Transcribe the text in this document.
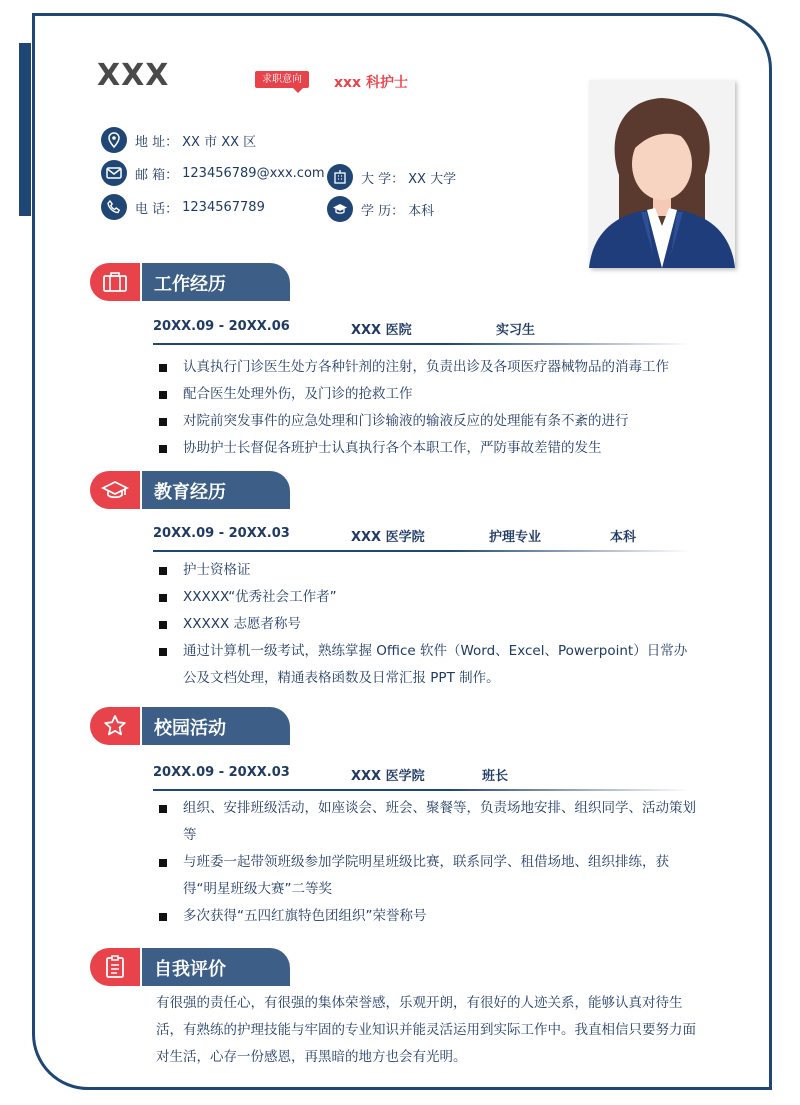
XXX	求职意向	xxx 科护士
地 址： XX 市 XX 区
邮 箱： 123456789@xxx.com
电 话： 1234567789
大 学： XX 大学
学 历： 本科
工作经历
20XX.09 - 20XX.06	XXX 医院	实习生
认真执行门诊医生处方各种针剂的注射，负责出诊及各项医疗器械物品的消毒工作
配合医生处理外伤，及门诊的抢救工作
对院前突发事件的应急处理和门诊输液的输液反应的处理能有条不紊的进行
协助护士长督促各班护士认真执行各个本职工作，严防事故差错的发生
教育经历
20XX.09 - 20XX.03	XXX 医学院	护理专业	本科
护士资格证
XXXXX“优秀社会工作者”
XXXXX 志愿者称号
通过计算机一级考试，熟练掌握 Office 软件（Word、Excel、Powerpoint）日常办公及文档处理，精通表格函数及日常汇报 PPT 制作。
校园活动
20XX.09 - 20XX.03	XXX 医学院	班长
组织、安排班级活动，如座谈会、班会、聚餐等，负责场地安排、组织同学、活动策划等
与班委一起带领班级参加学院明星班级比赛，联系同学、租借场地、组织排练，获得“明星班级大赛”二等奖
多次获得“五四红旗特色团组织”荣誉称号
自我评价
有很强的责任心，有很强的集体荣誉感，乐观开朗，有很好的人迹关系，能够认真对待生活，有熟练的护理技能与牢固的专业知识并能灵活运用到实际工作中。我直相信只要努力面对生活，心存一份感恩，再黑暗的地方也会有光明。
